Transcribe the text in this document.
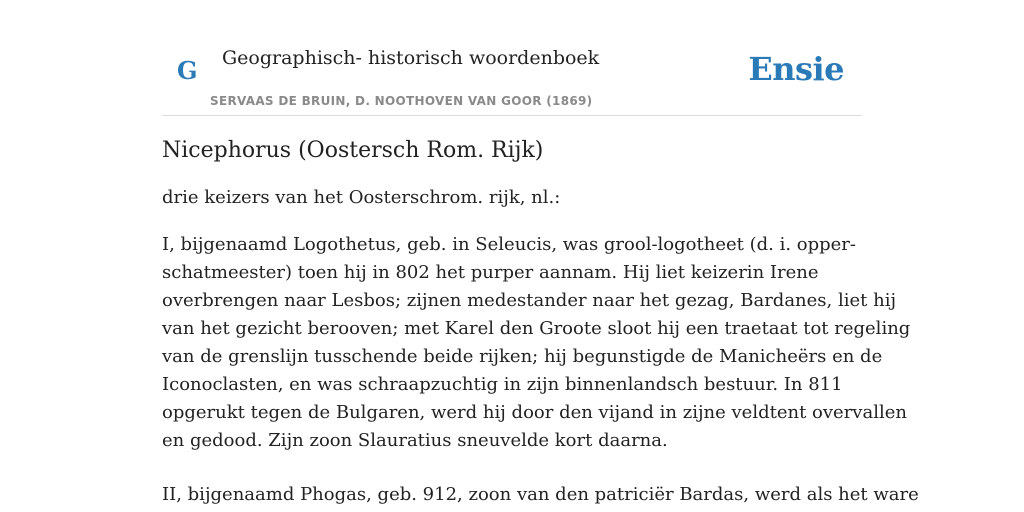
G Geographisch- historisch woordenboek
SERVAAS DE BRUIN, D. NOOTHOVEN VAN GOOR (1869)
Ensie
Nicephorus (Oostersch Rom. Rijk)

drie keizers van het Oosterschrom. rijk, nl.:

I, bijgenaamd Logothetus, geb. in Seleucis, was grool-logotheet (d. i. opper-
schatmeester) toen hij in 802 het purper aannam. Hij liet keizerin Irene
overbrengen naar Lesbos; zijnen medestander naar het gezag, Bardanes, liet hij
van het gezicht berooven; met Karel den Groote sloot hij een traetaat tot regeling
van de grenslijn tusschende beide rijken; hij begunstigde de Manicheërs en de
Iconoclasten, en was schraapzuchtig in zijn binnenlandsch bestuur. In 811
opgerukt tegen de Bulgaren, werd hij door den vijand in zijne veldtent overvallen
en gedood. Zijn zoon Slauratius sneuvelde kort daarna.

II, bijgenaamd Phogas, geb. 912, zoon van den patriciër Bardas, werd als het ware
